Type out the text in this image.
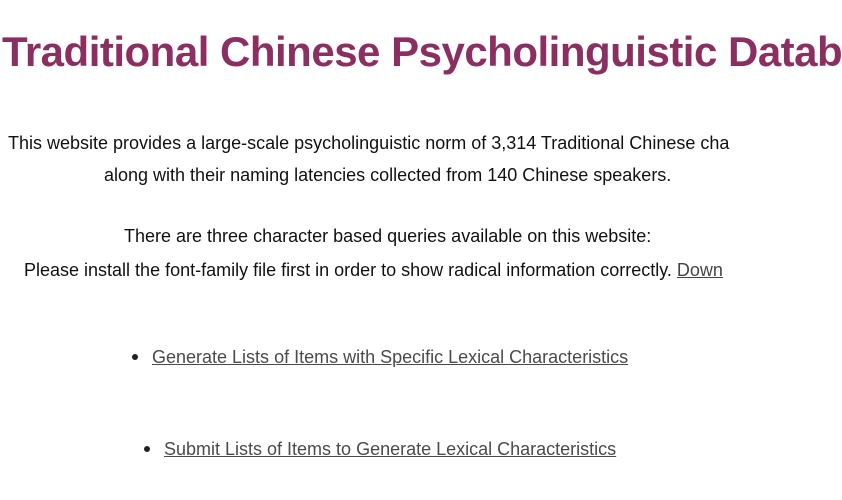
Traditional Chinese Psycholinguistic Datab

This website provides a large-scale psycholinguistic norm of 3,314 Traditional Chinese cha

along with their naming latencies collected from 140 Chinese speakers.

There are three character based queries available on this website:

Please install the font-family file first in order to show radical information correctly. Down

Generate Lists of Items with Specific Lexical Characteristics
Submit Lists of Items to Generate Lexical Characteristics
